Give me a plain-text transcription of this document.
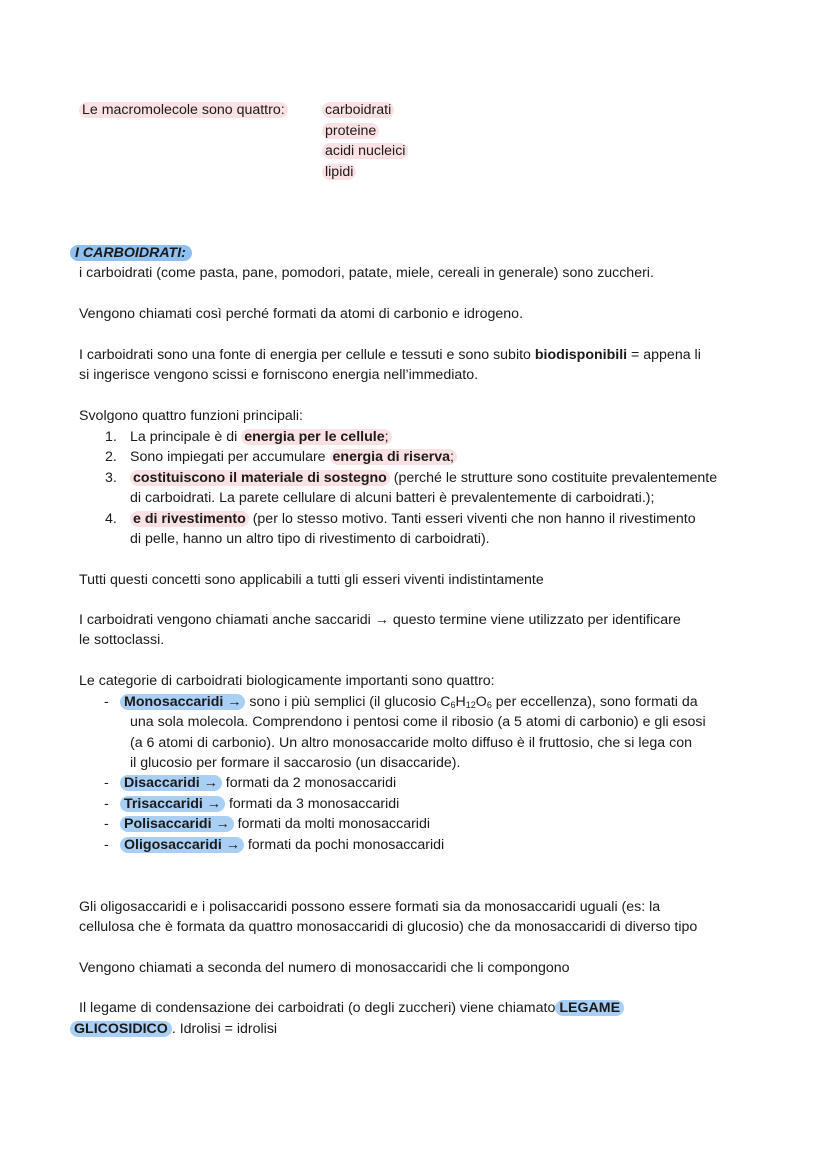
Le macromolecole sono quattro:	carboidrati
proteine
acidi nucleici
lipidi
I CARBOIDRATI:
i carboidrati (come pasta, pane, pomodori, patate, miele, cereali in generale) sono zuccheri.
Vengono chiamati così perché formati da atomi di carbonio e idrogeno.
I carboidrati sono una fonte di energia per cellule e tessuti e sono subito biodisponibili = appena li
si ingerisce vengono scissi e forniscono energia nell’immediato.
Svolgono quattro funzioni principali:
1. La principale è di energia per le cellule;
2. Sono impiegati per accumulare energia di riserva;
3.	costituiscono il materiale di sostegno (perché le strutture sono costituite prevalentemente
di carboidrati. La parete cellulare di alcuni batteri è prevalentemente di carboidrati.);
4.	e di rivestimento (per lo stesso motivo. Tanti esseri viventi che non hanno il rivestimento
di pelle, hanno un altro tipo di rivestimento di carboidrati).
Tutti questi concetti sono applicabili a tutti gli esseri viventi indistintamente
I carboidrati vengono chiamati anche saccaridi → questo termine viene utilizzato per identificare
le sottoclassi.
Le categorie di carboidrati biologicamente importanti sono quattro:
- Monosaccaridi → sono i più semplici (il glucosio $C_6H_{12}O_6$ per eccellenza), sono formati da
una sola molecola. Comprendono i pentosi come il ribosio (a 5 atomi di carbonio) e gli esosi
(a 6 atomi di carbonio). Un altro monosaccaride molto diffuso è il fruttosio, che si lega con
il glucosio per formare il saccarosio (un disaccaride).
- Disaccaridi → formati da 2 monosaccaridi
- Trisaccaridi → formati da 3 monosaccaridi
- Polisaccaridi → formati da molti monosaccaridi
- Oligosaccaridi → formati da pochi monosaccaridi
Gli oligosaccaridi e i polisaccaridi possono essere formati sia da monosaccaridi uguali (es: la
cellulosa che è formata da quattro monosaccaridi di glucosio) che da monosaccaridi di diverso tipo
Vengono chiamati a seconda del numero di monosaccaridi che li compongono
Il legame di condensazione dei carboidrati (o degli zuccheri) viene chiamato LEGAME
GLICOSIDICO . Idrolisi = idrolisi
